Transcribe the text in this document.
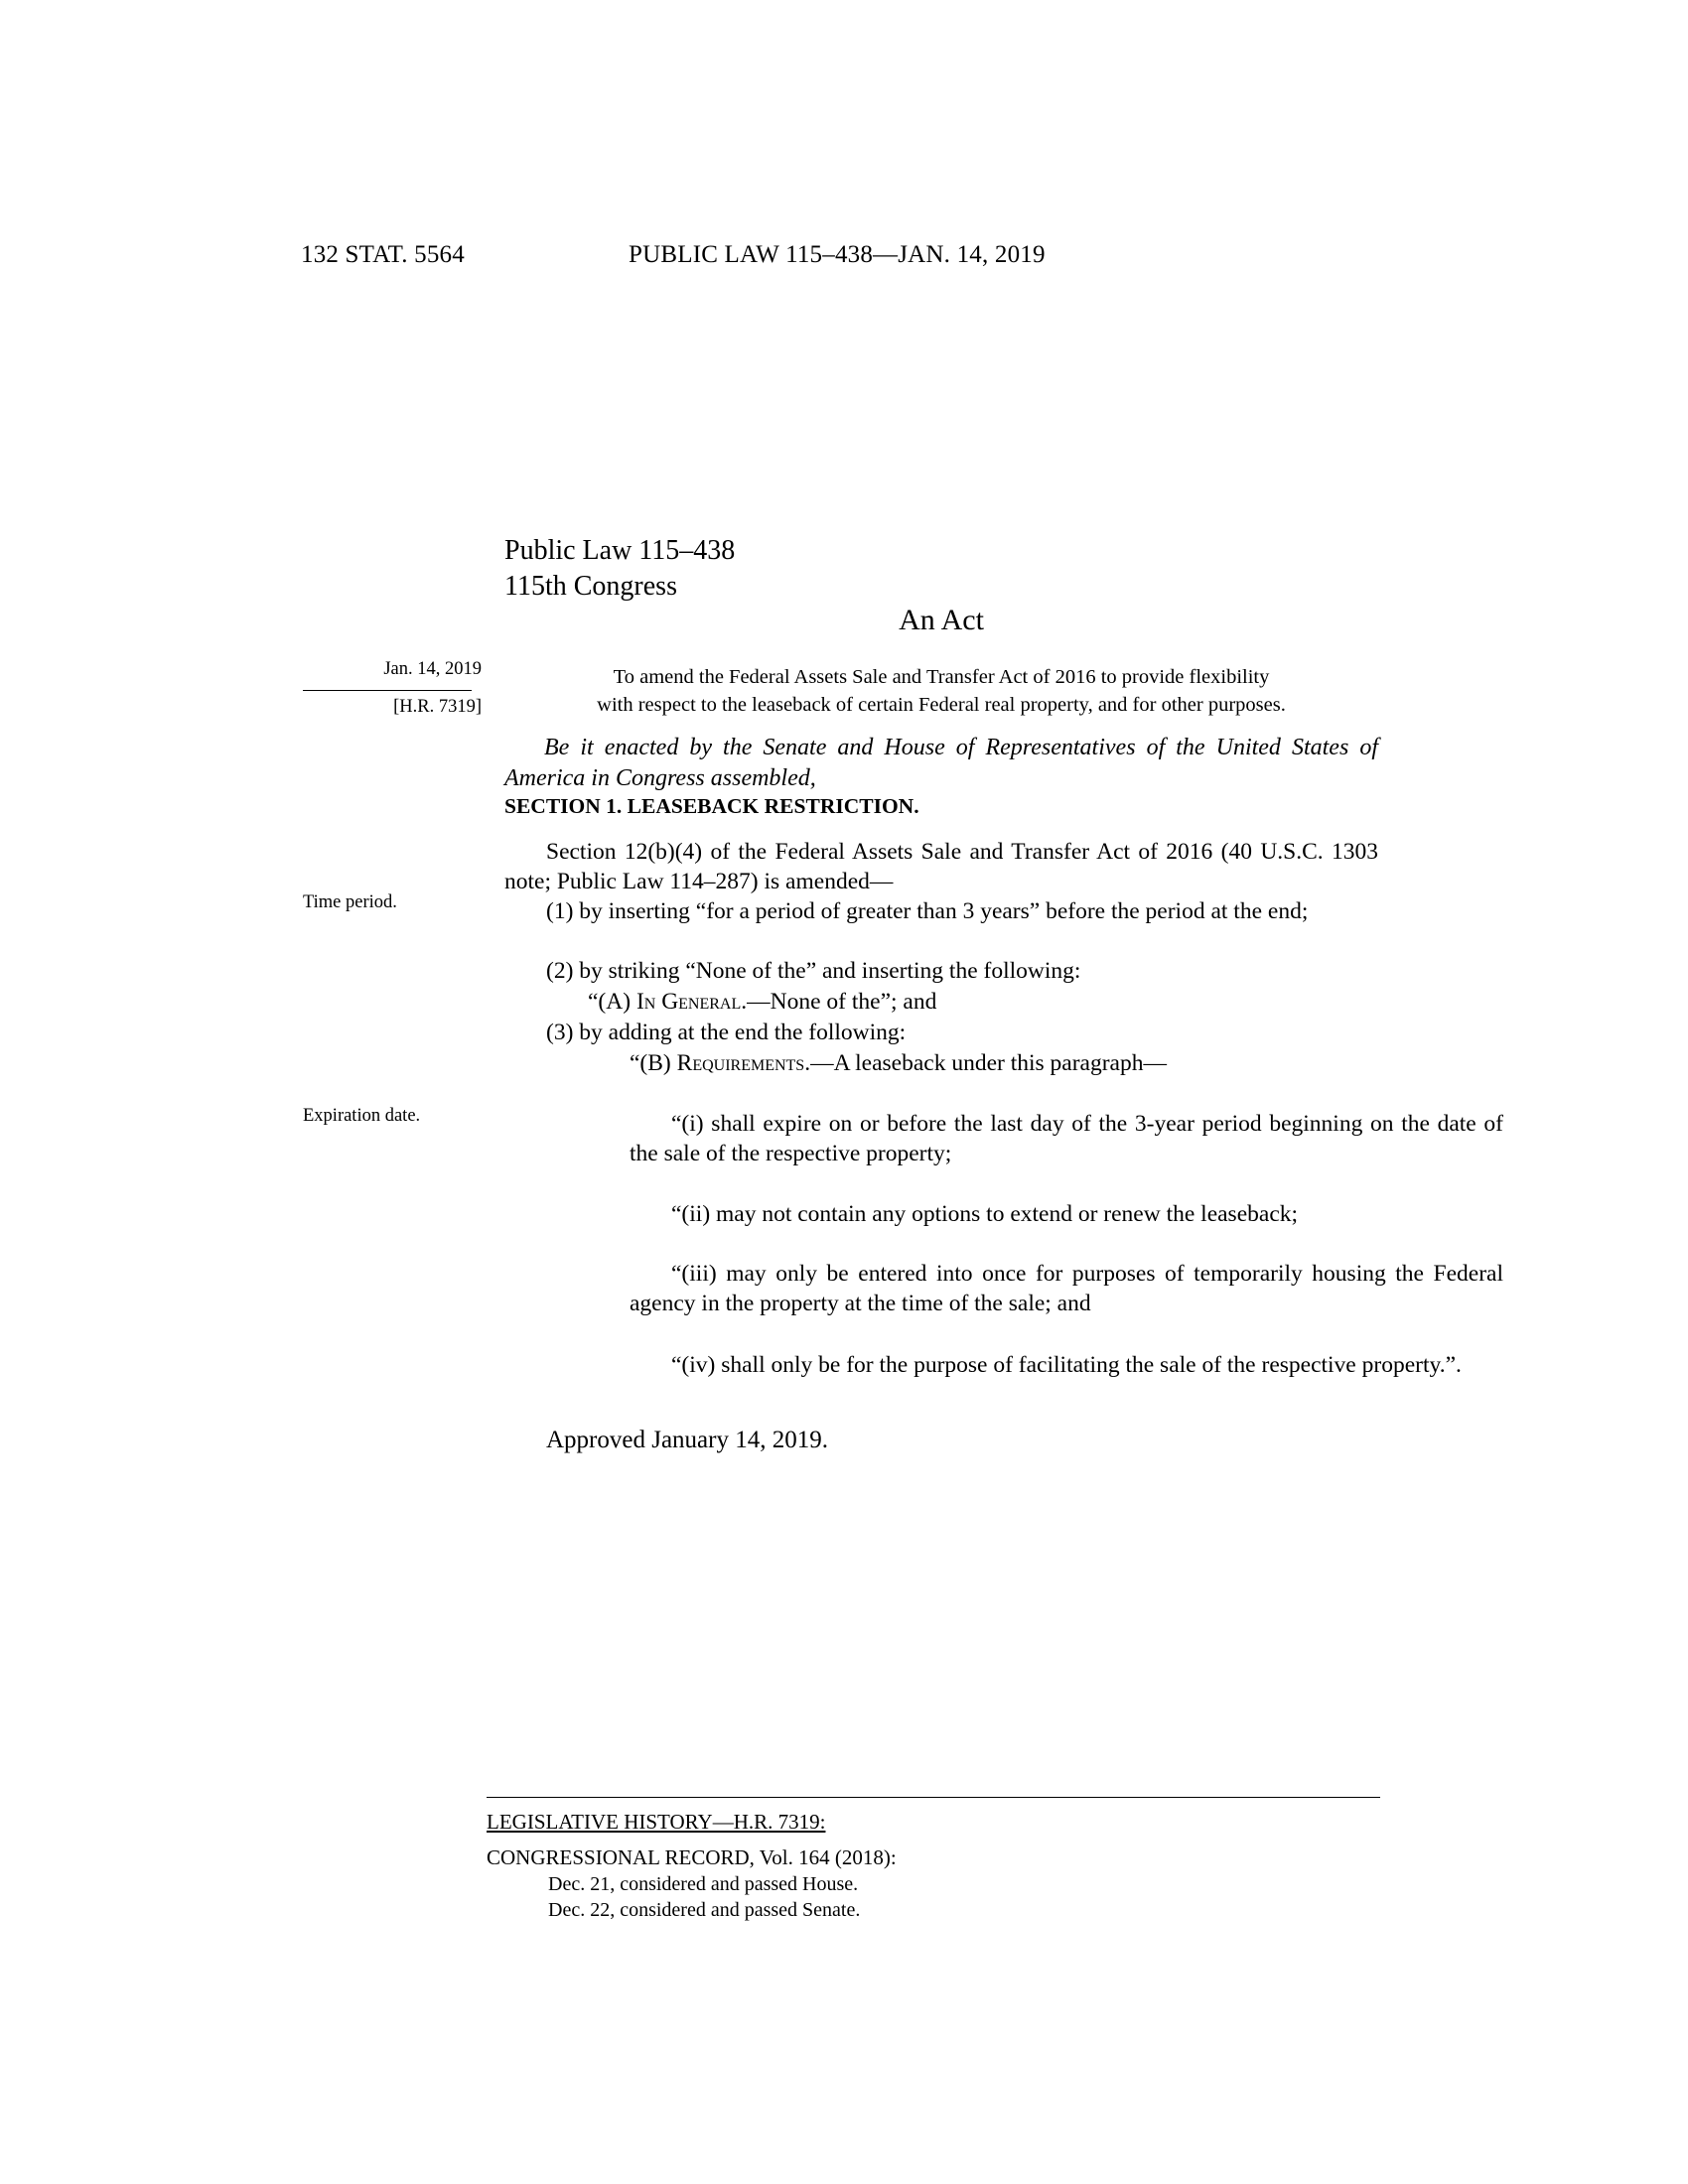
132 STAT. 5564	PUBLIC LAW 115–438—JAN. 14, 2019
Public Law 115–438
115th Congress
An Act
Jan. 14, 2019
[H.R. 7319]
Time period.
Expiration date.
To amend the Federal Assets Sale and Transfer Act of 2016 to provide flexibility
with respect to the leaseback of certain Federal real property, and for other purposes.
Be it enacted by the Senate and House of Representatives of the United States of America in Congress assembled,
SECTION 1. LEASEBACK RESTRICTION.
Section 12(b)(4) of the Federal Assets Sale and Transfer Act of 2016 (40 U.S.C. 1303 note; Public Law 114–287) is amended—
(1) by inserting “for a period of greater than 3 years” before the period at the end;
(2) by striking “None of the” and inserting the following:
“(A) In General.—None of the”; and
(3) by adding at the end the following:
“(B) Requirements.—A leaseback under this paragraph—
“(i) shall expire on or before the last day of the 3-year period beginning on the date of the sale of the respective property;
“(ii) may not contain any options to extend or renew the leaseback;
“(iii) may only be entered into once for purposes of temporarily housing the Federal agency in the property at the time of the sale; and
“(iv) shall only be for the purpose of facilitating the sale of the respective property.”.
Approved January 14, 2019.
LEGISLATIVE HISTORY—H.R. 7319:
CONGRESSIONAL RECORD, Vol. 164 (2018):
Dec. 21, considered and passed House.
Dec. 22, considered and passed Senate.
